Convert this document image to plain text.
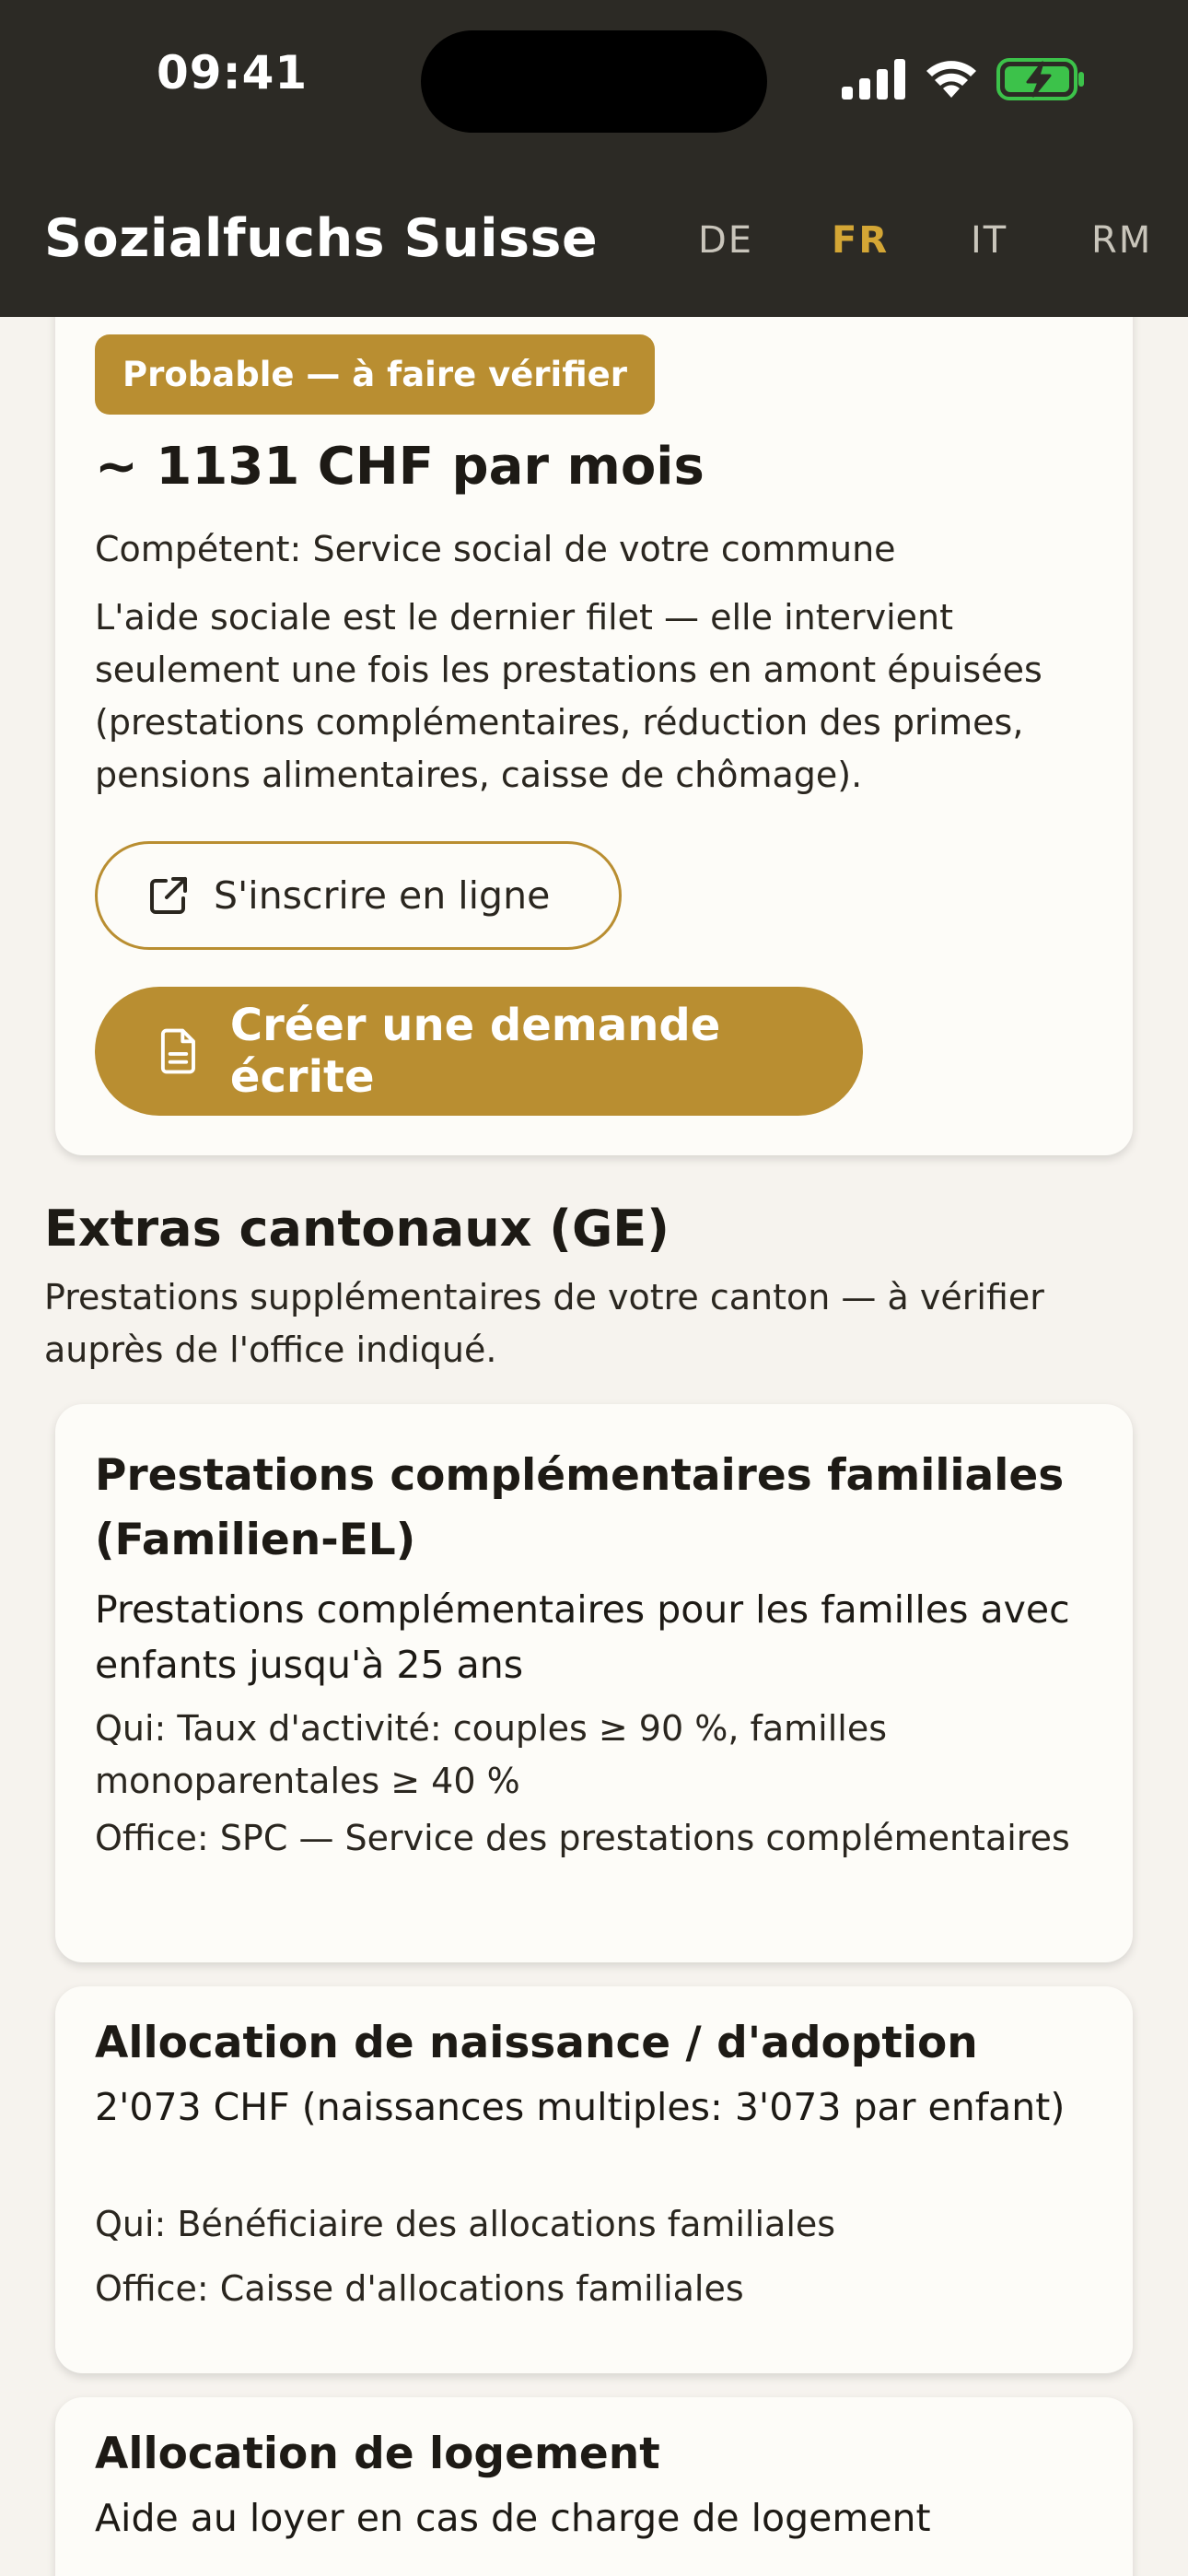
09:41
Sozialfuchs Suisse	DE FR IT RM
Probable — à faire vérifier
~ 1131 CHF par mois
Compétent: Service social de votre commune
L'aide sociale est le dernier filet — elle intervient seulement une fois les prestations en amont épuisées (prestations complémentaires, réduction des primes, pensions alimentaires, caisse de chômage).
S'inscrire en ligne
Créer une demande écrite
Extras cantonaux (GE)
Prestations supplémentaires de votre canton — à vérifier auprès de l'office indiqué.
Prestations complémentaires familiales (Familien-EL)
Prestations complémentaires pour les familles avec enfants jusqu'à 25 ans
Qui: Taux d'activité: couples ≥ 90 %, familles monoparentales ≥ 40 %
Office: SPC — Service des prestations complémentaires
Allocation de naissance / d'adoption
2'073 CHF (naissances multiples: 3'073 par enfant)
Qui: Bénéficiaire des allocations familiales
Office: Caisse d'allocations familiales
Allocation de logement
Aide au loyer en cas de charge de logement
